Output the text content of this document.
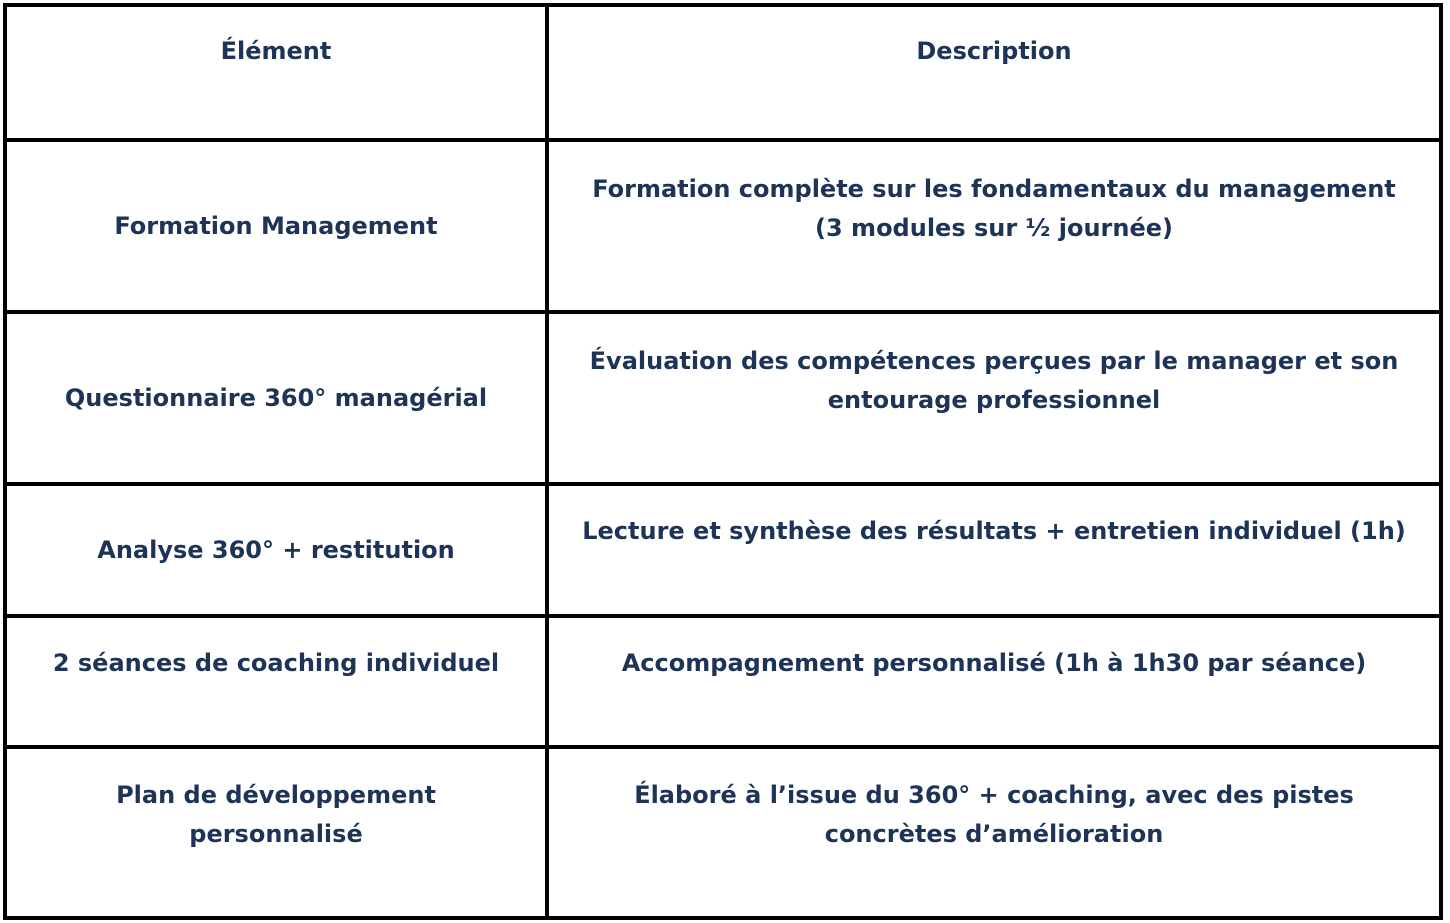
Élément	Description
Formation Management
Formation complète sur les fondamentaux du management
(3 modules sur ½ journée)
Questionnaire 360° managérial
Évaluation des compétences perçues par le manager et son
entourage professionnel
Analyse 360° + restitution
Lecture et synthèse des résultats + entretien individuel (1h)
2 séances de coaching individuel	Accompagnement personnalisé (1h à 1h30 par séance)
Plan de développement
personnalisé
Élaboré à l’issue du 360° + coaching, avec des pistes
concrètes d’amélioration
